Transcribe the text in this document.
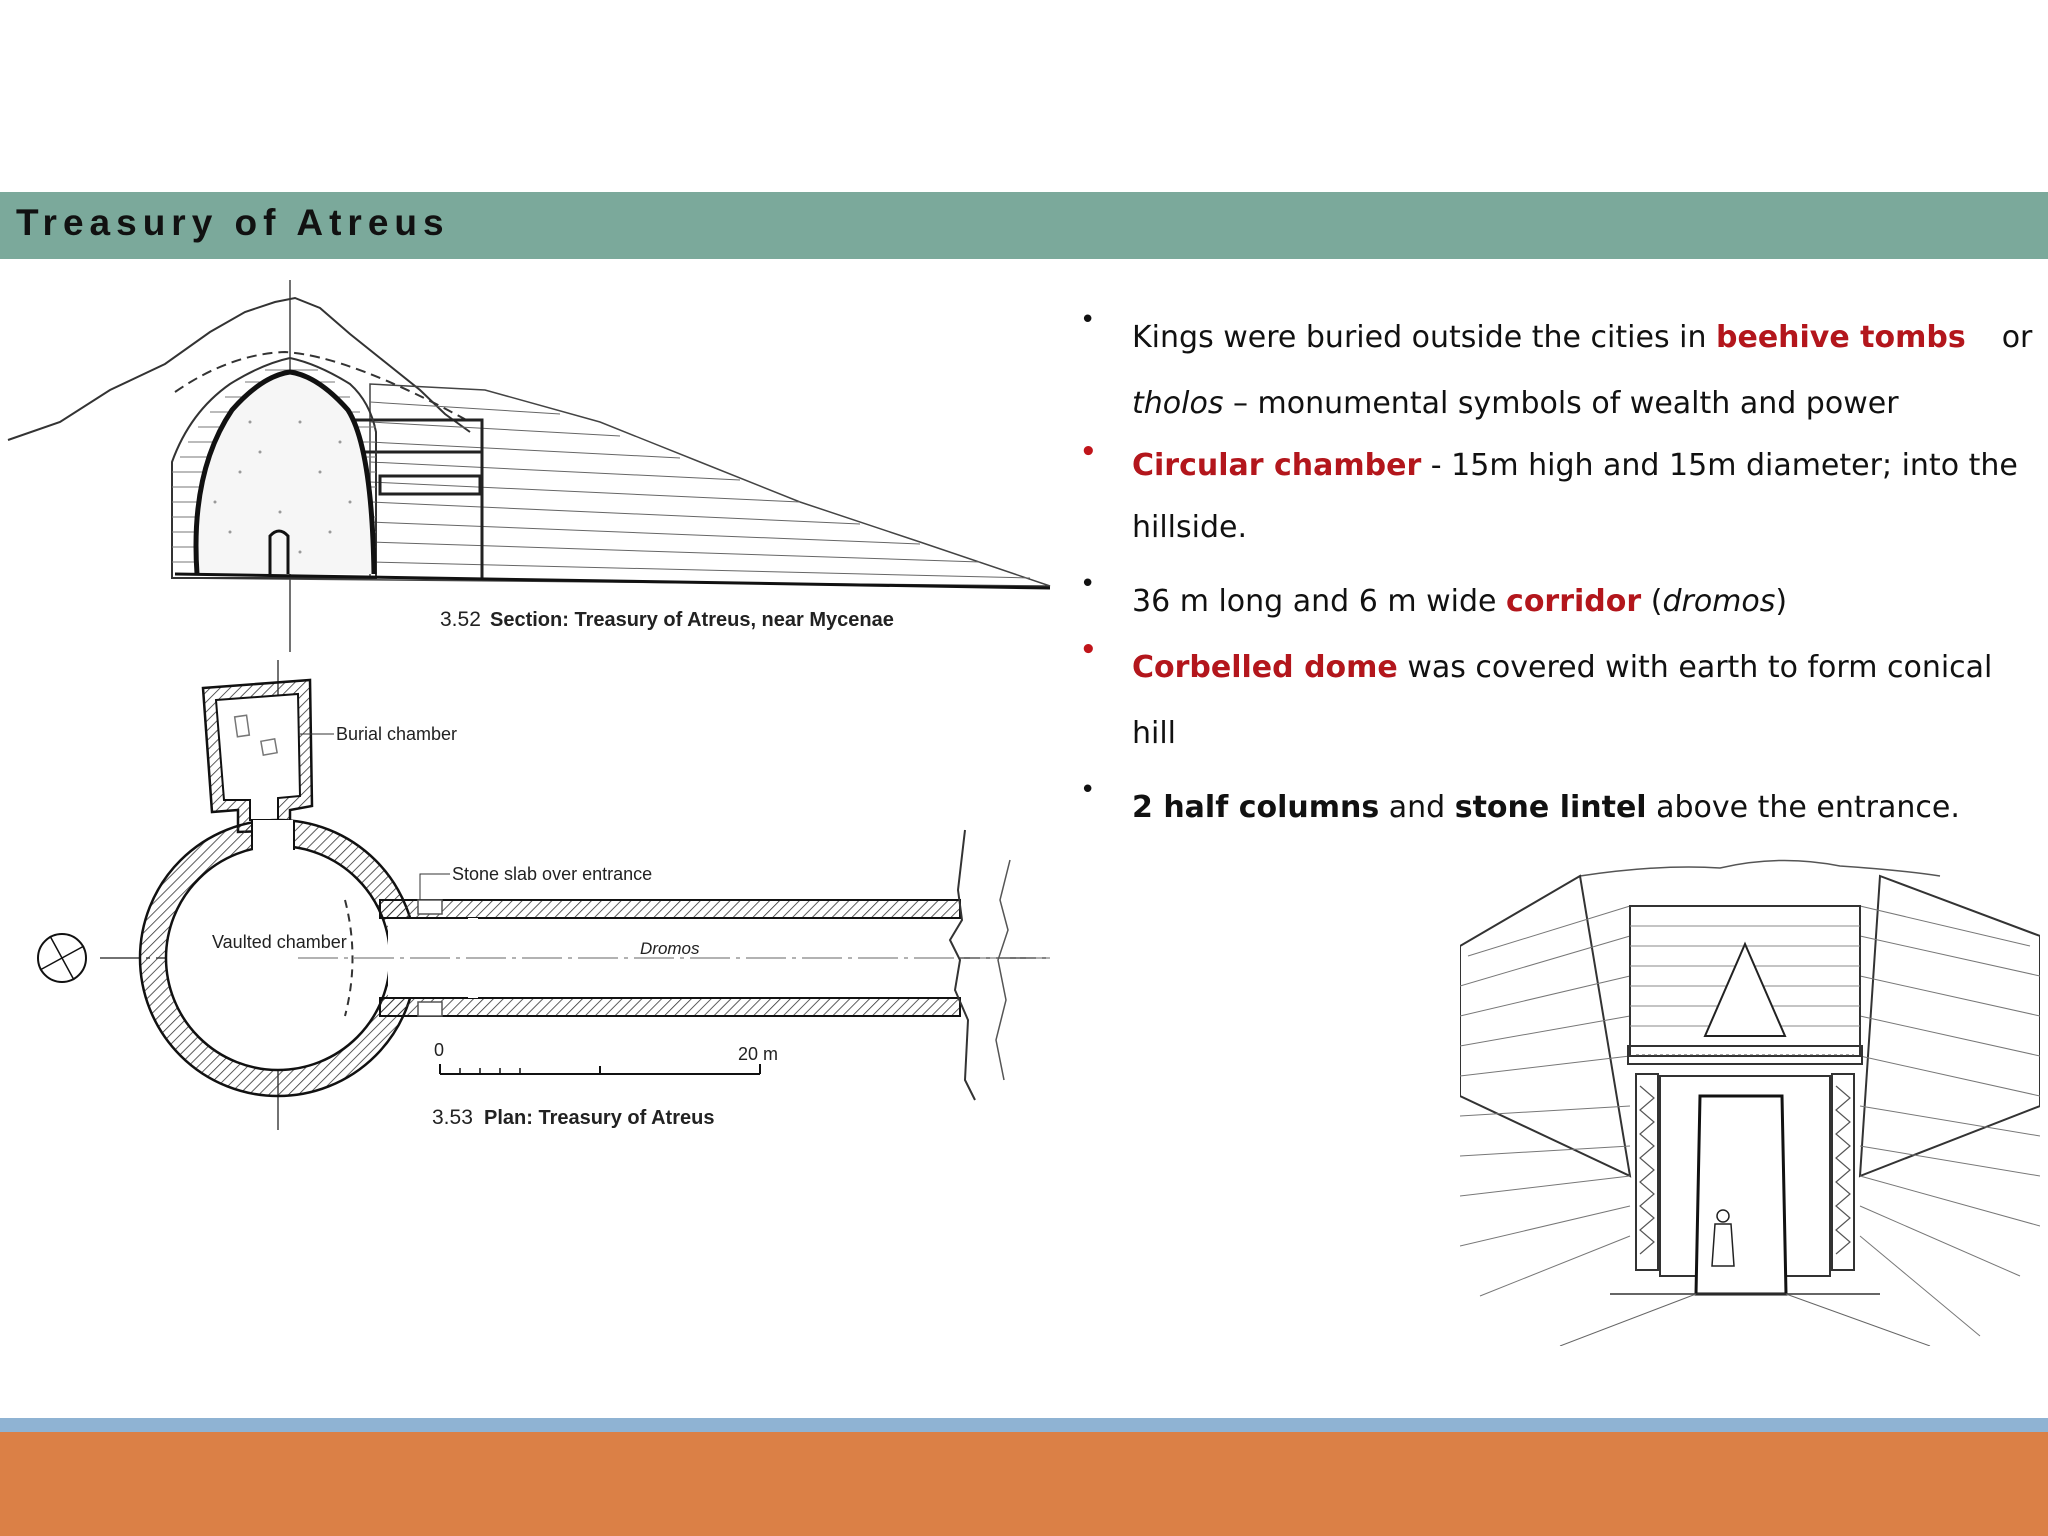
Treasury of Atreus
3.52 Section: Treasury of Atreus, near Mycenae
Burial chamber
Stone slab over entrance
Vaulted chamber	Dromos
0	20 m
3.53 Plan: Treasury of Atreus
• Kings were buried outside the cities in beehive tombs or
tholos – monumental symbols of wealth and power
• Circular chamber - 15m high and 15m diameter; into the
hillside.
• 36 m long and 6 m wide corridor (dromos)
• Corbelled dome was covered with earth to form conical
hill
• 2 half columns and stone lintel above the entrance.
